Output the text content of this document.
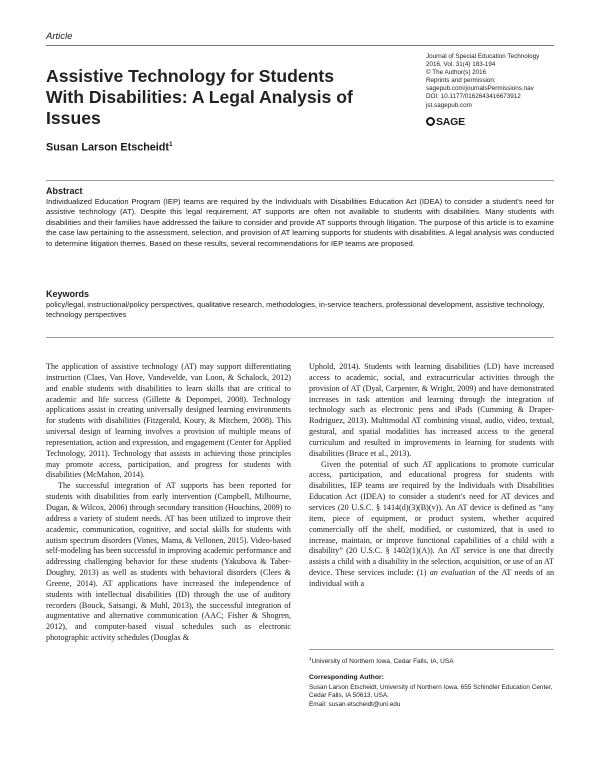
Article
Journal of Special Education Technology
2016, Vol. 31(4) 183-194
© The Author(s) 2016
Reprints and permission:
sagepub.com/journalsPermissions.nav
DOI: 10.1177/0162643416673912
jst.sagepub.com
SAGE
Assistive Technology for Students With Disabilities: A Legal Analysis of Issues
Susan Larson Etscheidt$^1$
Abstract
Individualized Education Program (IEP) teams are required by the Individuals with Disabilities Education Act (IDEA) to consider a student's need for assistive technology (AT). Despite this legal requirement, AT supports are often not available to students with disabilities. Many students with disabilities and their families have addressed the failure to consider and provide AT supports through litigation. The purpose of this article is to examine the case law pertaining to the assessment, selection, and provision of AT learning supports for students with disabilities. A legal analysis was conducted to determine litigation themes. Based on these results, several recommendations for IEP teams are proposed.
Keywords
policy/legal, instructional/policy perspectives, qualitative research, methodologies, in-service teachers, professional development, assistive technology, technology perspectives

The application of assistive technology (AT) may support differentiating instruction (Claes, Van Hove, Vandevelde, van Loon, & Schalock, 2012) and enable students with disabilities to learn skills that are critical to academic and life success (Gillette & Depompei, 2008). Technology applications assist in creating universally designed learning environments for students with disabilities (Fitzgerald, Koury, & Mitchem, 2008). This universal design of learning involves a provision of multiple means of representation, action and expression, and engagement (Center for Applied Technology, 2011). Technology that assists in achieving those principles may promote access, participation, and progress for students with disabilities (McMahon, 2014).

The successful integration of AT supports has been reported for students with disabilities from early intervention (Campbell, Milbourne, Dugan, & Wilcox, 2006) through secondary transition (Houchins, 2009) to address a variety of student needs. AT has been utilized to improve their academic, communication, cognitive, and social skills for students with autism spectrum disorders (Vimes, Mama, & Vellonen, 2015). Video-based self-modeling has been successful in improving academic performance and addressing challenging behavior for these students (Yakubova & Taber-Doughty, 2013) as well as students with behavioral disorders (Clees & Greene, 2014). AT applications have increased the independence of students with intellectual disabilities (ID) through the use of auditory recorders (Bouck, Satsangi, & Muhl, 2013), the successful integration of augmentative and alternative communication (AAC; Fisher & Shogren, 2012), and computer-based visual schedules such as electronic photographic activity schedules (Douglas &

Uphold, 2014). Students with learning disabilities (LD) have increased access to academic, social, and extracurricular activities through the provision of AT (Dyal, Carpenter, & Wright, 2009) and have demonstrated increases in task attention and learning through the integration of technology such as electronic pens and iPads (Cumming & Draper-Rodriguez, 2013). Multimodal AT combining visual, audio, video, textual, gestural, and spatial modalities has increased access to the general curriculum and resulted in improvements in learning for students with disabilities (Bruce et al., 2013).

Given the potential of such AT applications to promote curricular access, participation, and educational progress for students with disabilities, IEP teams are required by the Individuals with Disabilities Education Act (IDEA) to consider a student's need for AT devices and services (20 U.S.C. § 1414(d)(3)(B)(v)). An AT device is defined as “any item, piece of equipment, or product system, whether acquired commercially off the shelf, modified, or customized, that is used to increase, maintain, or improve functional capabilities of a child with a disability” (20 U.S.C. § 1402(1)(A)). An AT service is one that directly assists a child with a disability in the selection, acquisition, or use of an AT device. These services include: (1) an evaluation of the AT needs of an individual with a

$^1$University of Northern Iowa, Cedar Falls, IA, USA
Corresponding Author:
Susan Larson Etscheidt, University of Northern Iowa, 655 Schindler Education Center, Cedar Falls, IA 50613, USA.
Email: susan.etscheidt@uni.edu
